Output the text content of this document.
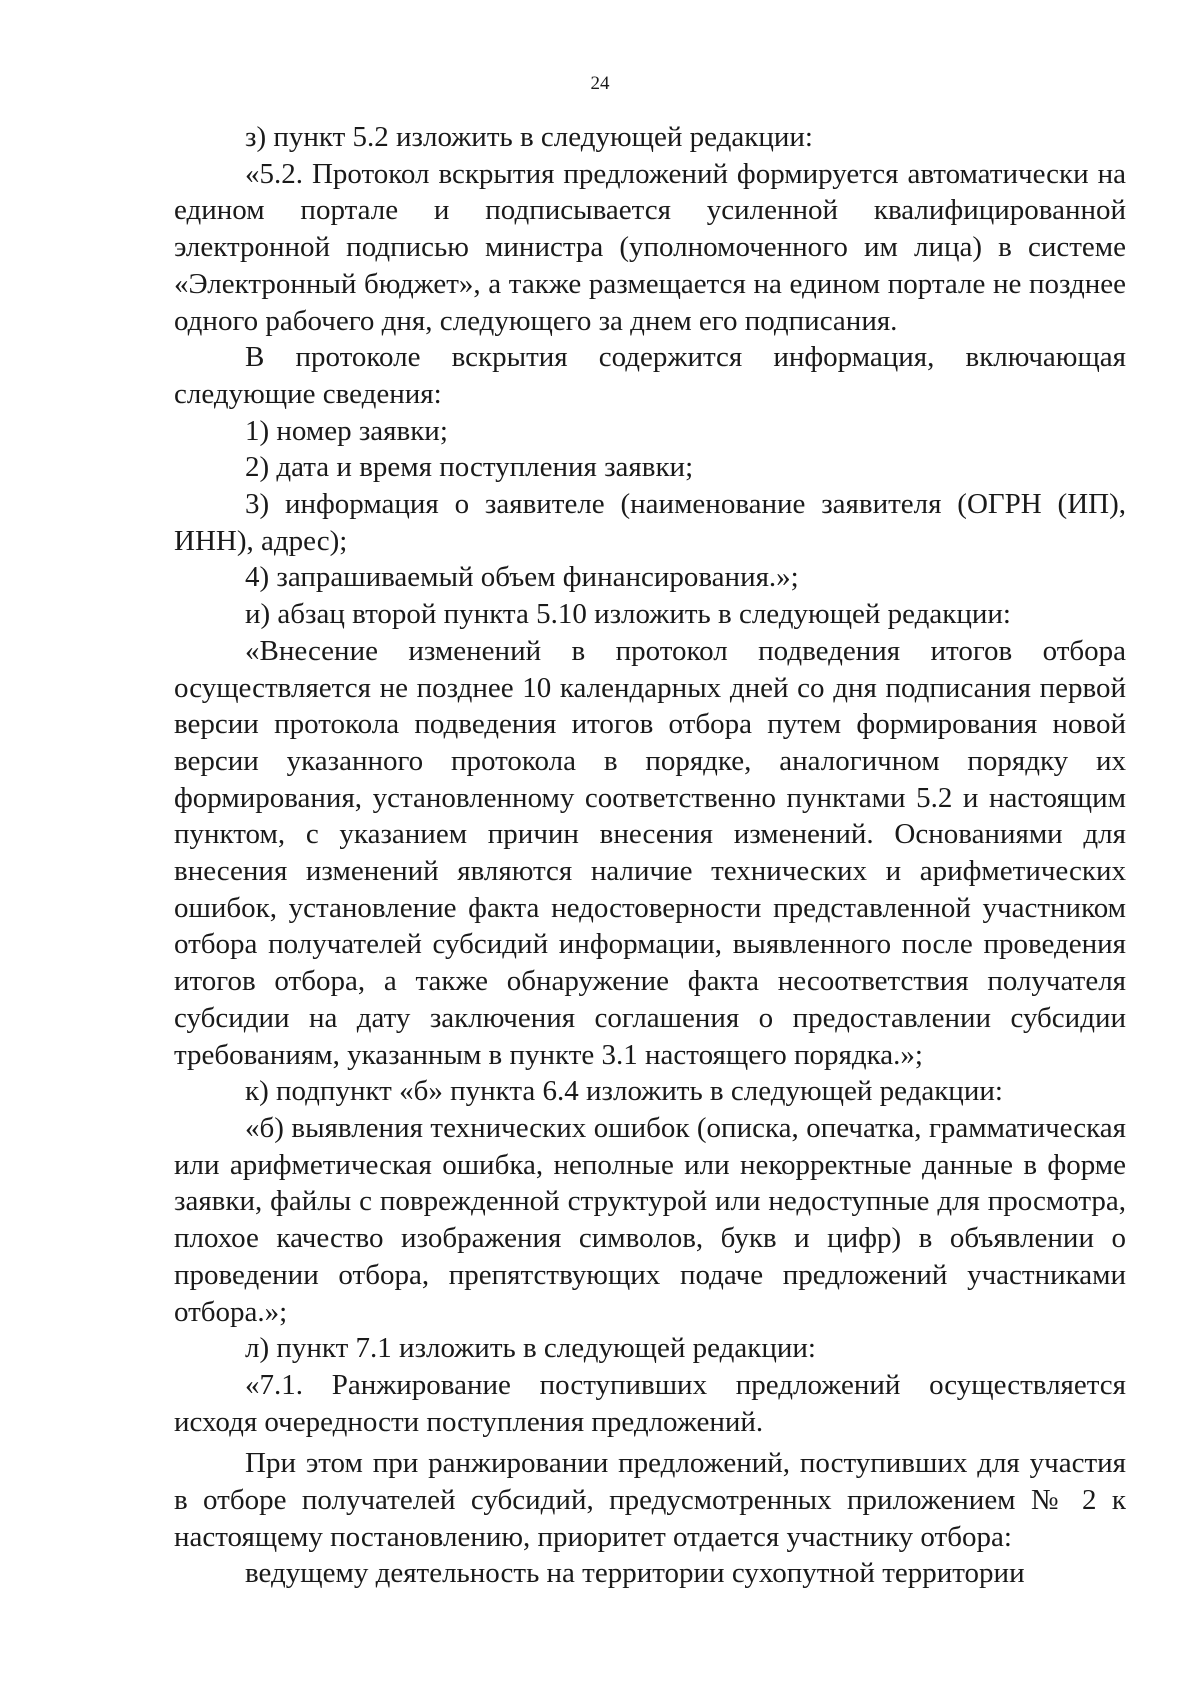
24

з) пункт 5.2 изложить в следующей редакции:

«5.2. Протокол вскрытия предложений формируется автоматически на едином портале и подписывается усиленной квалифицированной электронной подписью министра (уполномоченного им лица) в системе «Электронный бюджет», а также размещается на едином портале не позднее одного рабочего дня, следующего за днем его подписания.

В протоколе вскрытия содержится информация, включающая следующие сведения:

1) номер заявки;

2) дата и время поступления заявки;

3) информация о заявителе (наименование заявителя (ОГРН (ИП), ИНН), адрес);

4) запрашиваемый объем финансирования.»;

и) абзац второй пункта 5.10 изложить в следующей редакции:

«Внесение изменений в протокол подведения итогов отбора осуществляется не позднее 10 календарных дней со дня подписания первой версии протокола подведения итогов отбора путем формирования новой версии указанного протокола в порядке, аналогичном порядку их формирования, установленному соответственно пунктами 5.2 и настоящим пунктом, с указанием причин внесения изменений. Основаниями для внесения изменений являются наличие технических и арифметических ошибок, установление факта недостоверности представленной участником отбора получателей субсидий информации, выявленного после проведения итогов отбора, а также обнаружение факта несоответствия получателя субсидии на дату заключения соглашения о предоставлении субсидии требованиям, указанным в пункте 3.1 настоящего порядка.»;

к) подпункт «б» пункта 6.4 изложить в следующей редакции:

«б) выявления технических ошибок (описка, опечатка, грамматическая или арифметическая ошибка, неполные или некорректные данные в форме заявки, файлы с поврежденной структурой или недоступные для просмотра, плохое качество изображения символов, букв и цифр) в объявлении о проведении отбора, препятствующих подаче предложений участниками отбора.»;

л) пункт 7.1 изложить в следующей редакции:

«7.1. Ранжирование поступивших предложений осуществляется исходя очередности поступления предложений.

При этом при ранжировании предложений, поступивших для участия в отборе получателей субсидий, предусмотренных приложением № 2 к настоящему постановлению, приоритет отдается участнику отбора:

ведущему деятельность на территории сухопутной территории
